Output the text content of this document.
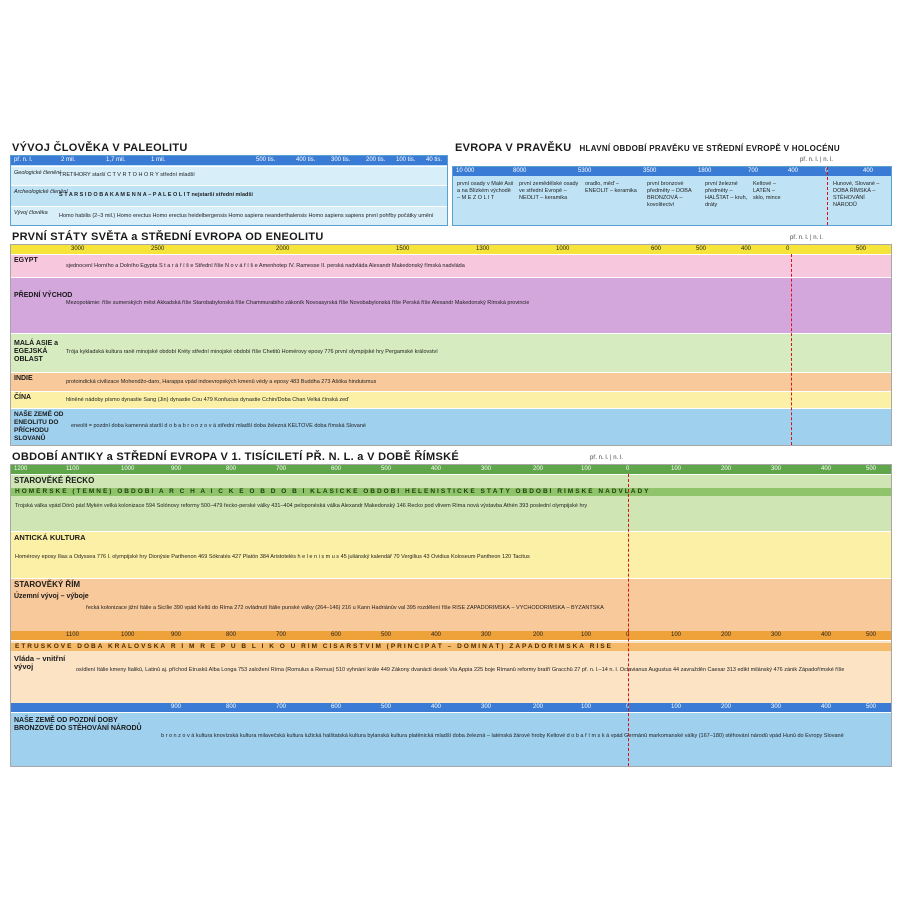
VÝVOJ ČLOVĚKA V PALEOLITU
př. n. l.	2 mil.	1,7 mil.	1 mil.	500 tis.	400 tis.	300 tis.	200 tis. 100 tis. 40 tis.
Geologické členění
TŘETIHORY starší Č T V R T O H O R Y střední mladší
Archeologické členění
S T A R Š Í D O B A K A M E N N Á – P A L E O L I T nejstarší střední mladší
Vývoj člověka Homo habilis (2–3 mil.) Homo erectus Homo erectus heidelbergensis Homo sapiens neanderthalensis Homo sapiens sapiens první pohřby počátky umění
EVROPA V PRAVĚKU HLAVNÍ OBDOBÍ PRAVĚKU VE STŘEDNÍ EVROPĚ V HOLOCÉNU
př. n. l. | n. l.
10 000	8000	5300	3500	1800	700	400	0	400
první osady v Malé Asii a na Blízkém východě – M E Z O L I T
první zemědělské osady ve střední Evropě – NEOLIT – keramika
oradlo, měď – ENEOLIT – keramika
první bronzové předměty – DOBA BRONZOVÁ – kovolitectví
první železné předměty – HALŠTAT – kruh, dráty
Keltové – LATÉN – sklo, mince
Hunové, Slované – DOBA ŘÍMSKÁ – STĚHOVÁNÍ NÁRODŮ
PRVNÍ STÁTY SVĚTA a STŘEDNÍ EVROPA OD ENEOLITU	př. n. l. | n. l.
3000	2500	2000	1500	1300	1000	600	500	400	0	500
EGYPT
sjednocení Horního a Dolního Egypta S t a r á ř í š e Střední říše N o v á ř í š e Amenhotep IV. Ramesse II. perská nadvláda Alexandr Makedonský římská nadvláda
PŘEDNÍ VÝCHOD
Mezopotámie: říše sumerských měst Akkadská říše Starobabylonská říše Chammurabiho zákoník Novoasyrská říše Novobabylonská říše Perská říše Alexandr Makedonský Římská provincie
MALÁ ASIE a EGEJSKÁ OBLAST
Trója kykladská kultura raně minojské období Kréty střední minojské období říše Chetitů Homérovy eposy 776 první olympijské hry Pergamské království
INDIE	protoindická civilizace Mohendžo-daro, Harappa vpád indoevropských kmenů védy a eposy 483 Buddha 273 Ašóka hinduismus
ČÍNA	hliněné nádoby písmo dynastie Šang (Jin) dynastie Čou 479 Konfucius dynastie Čchin/Doba Chan Velká čínská zeď
NAŠE ZEMĚ OD ENEOLITU DO PŘÍCHODU SLOVANŮ
eneolit = pozdní doba kamenná starší d o b a b r o n z o v á střední mladší doba železná KELTOVÉ doba římská Slované
OBDOBÍ ANTIKY a STŘEDNÍ EVROPA V 1. TISÍCILETÍ PŘ. N. L. a V DOBĚ ŘÍMSKÉ	př. n. l. | n. l.
1200	1100	1000	900	800	700	600	500	400	300	200	100	0	100	200	300	400	500
STAROVĚKÉ ŘECKO
HOMÉRSKÉ (TEMNÉ) OBDOBÍ A R C H A I C K É O B D O B Í KLASICKÉ OBDOBÍ HELENISTICKÉ STÁTY OBDOBÍ ŘÍMSKÉ NADVLÁDY
Trojská válka vpád Dórů pád Mykén velká kolonizace 594 Solónovy reformy 500–479 řecko-perské války 431–404 peloponéská válka Alexandr Makedonský 146 Řecko pod vlivem Říma nová výstavba Athén 393 poslední olympijské hry
ANTICKÁ KULTURA
Homérovy eposy Ilias a Odyssea 776 I. olympijské hry Dionýsie Parthenon 469 Sókratés 427 Platón 384 Aristotelés h e l e n i s m u s 45 juliánský kalendář 70 Vergilius 43 Ovidius Koloseum Pantheon 120 Tacitus
STAROVĚKÝ ŘÍM
Územní vývoj – výboje
řecká kolonizace jižní Itálie a Sicílie 390 vpád Keltů do Říma 272 ovládnutí Itálie punské války (264–146) 216 u Kann Hadriánův val 395 rozdělení říše ŘÍŠE ZÁPADOŘÍMSKÁ – VÝCHODOŘÍMSKÁ – BYZANTSKÁ
1100	1000	900	800	700	600	500	400	300	200	100	0	100	200	300	400	500
ETRUSKOVÉ DOBA KRÁLOVSKÁ Ř Í M R E P U B L I K O U ŘÍM CÍSAŘSTVÍM (PRINCIPÁT – DOMINÁT) ZÁPADOŘÍMSKÁ ŘÍŠE
Vláda – vnitřní vývoj	osídlení Itálie kmeny Italiků, Latinů aj. příchod Etrusků Alba Longa 753 založení Říma (Romulus a Remus) 510 vyhnání krále 449 Zákony dvanácti desek Via Appia 225 boje Římanů reformy bratří Gracchů 27 př. n. l.–14 n. l. Octavianus Augustus 44 zavražděn Caesar 313 edikt milánský 476 zánik Západořímské říše
900	800	700	600	500	400	300	200	100	0	100	200	300	400	500
NAŠE ZEMĚ OD POZDNÍ DOBY BRONZOVÉ DO STĚHOVÁNÍ NÁRODŮ
b r o n z o v á kultura knovízská kultura milavečská kultura lužická halštatská kultura bylanská kultura platěnická mladší doba železná – laténská žárové hroby Keltové d o b a ř í m s k á vpád Germánů markomanské války (167–180) stěhování národů vpád Hunů do Evropy Slované
